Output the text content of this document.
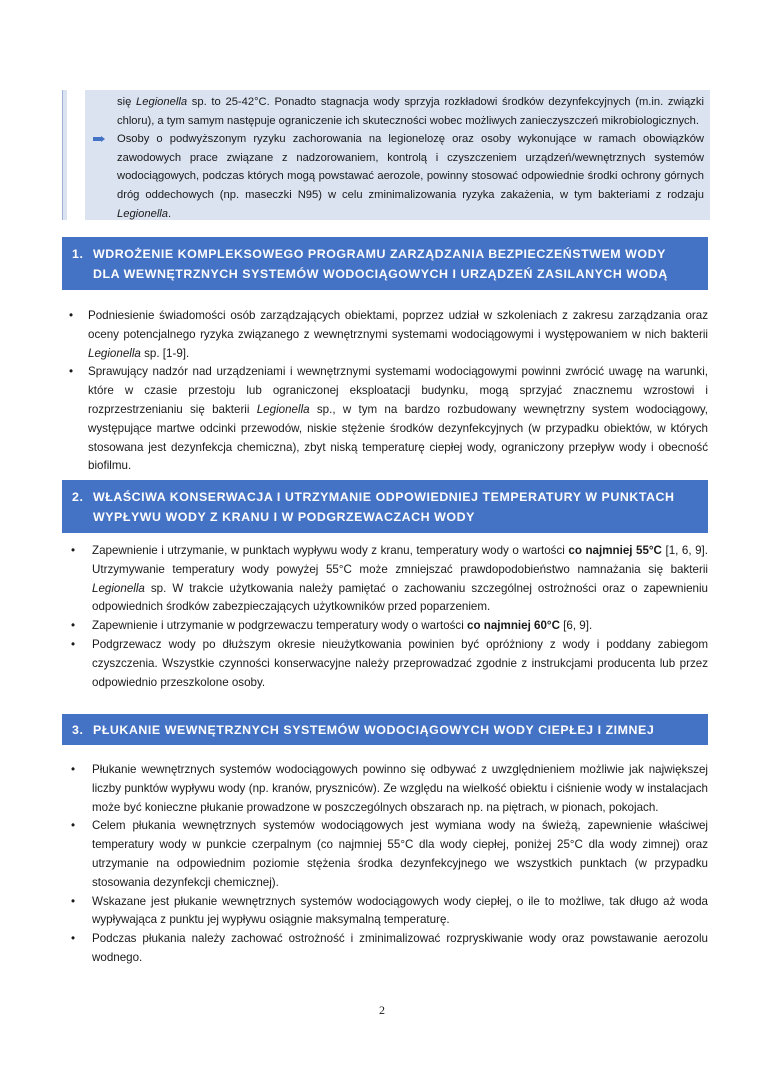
się Legionella sp. to 25-42°C. Ponadto stagnacja wody sprzyja rozkładowi środków dezynfekcyjnych (m.in. związki chloru), a tym samym następuje ograniczenie ich skuteczności wobec możliwych zanieczyszczeń mikrobiologicznych.
Osoby o podwyższonym ryzyku zachorowania na legionelozę oraz osoby wykonujące w ramach obowiązków zawodowych prace związane z nadzorowaniem, kontrolą i czyszczeniem urządzeń/wewnętrznych systemów wodociągowych, podczas których mogą powstawać aerozole, powinny stosować odpowiednie środki ochrony górnych dróg oddechowych (np. maseczki N95) w celu zminimalizowania ryzyka zakażenia, w tym bakteriami z rodzaju Legionella.
1. WDROŻENIE KOMPLEKSOWEGO PROGRAMU ZARZĄDZANIA BEZPIECZEŃSTWEM WODY
DLA WEWNĘTRZNYCH SYSTEMÓW WODOCIĄGOWYCH I URZĄDZEŃ ZASILANYCH WODĄ
• Podniesienie świadomości osób zarządzających obiektami, poprzez udział w szkoleniach z zakresu zarządzania oraz oceny potencjalnego ryzyka związanego z wewnętrznymi systemami wodociągowymi i występowaniem w nich bakterii Legionella sp. [1-9].
• Sprawujący nadzór nad urządzeniami i wewnętrznymi systemami wodociągowymi powinni zwrócić uwagę na warunki, które w czasie przestoju lub ograniczonej eksploatacji budynku, mogą sprzyjać znacznemu wzrostowi i rozprzestrzenianiu się bakterii Legionella sp., w tym na bardzo rozbudowany wewnętrzny system wodociągowy, występujące martwe odcinki przewodów, niskie stężenie środków dezynfekcyjnych (w przypadku obiektów, w których stosowana jest dezynfekcja chemiczna), zbyt niską temperaturę ciepłej wody, ograniczony przepływ wody i obecność biofilmu.
2. WŁAŚCIWA KONSERWACJA I UTRZYMANIE ODPOWIEDNIEJ TEMPERATURY W PUNKTACH
WYPŁYWU WODY Z KRANU I W PODGRZEWACZACH WODY
• Zapewnienie i utrzymanie, w punktach wypływu wody z kranu, temperatury wody o wartości co najmniej 55°C [1, 6, 9]. Utrzymywanie temperatury wody powyżej 55°C może zmniejszać prawdopodobieństwo namnażania się bakterii Legionella sp. W trakcie użytkowania należy pamiętać o zachowaniu szczególnej ostrożności oraz o zapewnieniu odpowiednich środków zabezpieczających użytkowników przed poparzeniem.
• Zapewnienie i utrzymanie w podgrzewaczu temperatury wody o wartości co najmniej 60°C [6, 9].
• Podgrzewacz wody po dłuższym okresie nieużytkowania powinien być opróżniony z wody i poddany zabiegom czyszczenia. Wszystkie czynności konserwacyjne należy przeprowadzać zgodnie z instrukcjami producenta lub przez odpowiednio przeszkolone osoby.
3. PŁUKANIE WEWNĘTRZNYCH SYSTEMÓW WODOCIĄGOWYCH WODY CIEPŁEJ I ZIMNEJ
• Płukanie wewnętrznych systemów wodociągowych powinno się odbywać z uwzględnieniem możliwie jak największej liczby punktów wypływu wody (np. kranów, pryszniców). Ze względu na wielkość obiektu i ciśnienie wody w instalacjach może być konieczne płukanie prowadzone w poszczególnych obszarach np. na piętrach, w pionach, pokojach.
• Celem płukania wewnętrznych systemów wodociągowych jest wymiana wody na świeżą, zapewnienie właściwej temperatury wody w punkcie czerpalnym (co najmniej 55°C dla wody ciepłej, poniżej 25°C dla wody zimnej) oraz utrzymanie na odpowiednim poziomie stężenia środka dezynfekcyjnego we wszystkich punktach (w przypadku stosowania dezynfekcji chemicznej).
• Wskazane jest płukanie wewnętrznych systemów wodociągowych wody ciepłej, o ile to możliwe, tak długo aż woda wypływająca z punktu jej wypływu osiągnie maksymalną temperaturę.
• Podczas płukania należy zachować ostrożność i zminimalizować rozpryskiwanie wody oraz powstawanie aerozolu wodnego.
2
